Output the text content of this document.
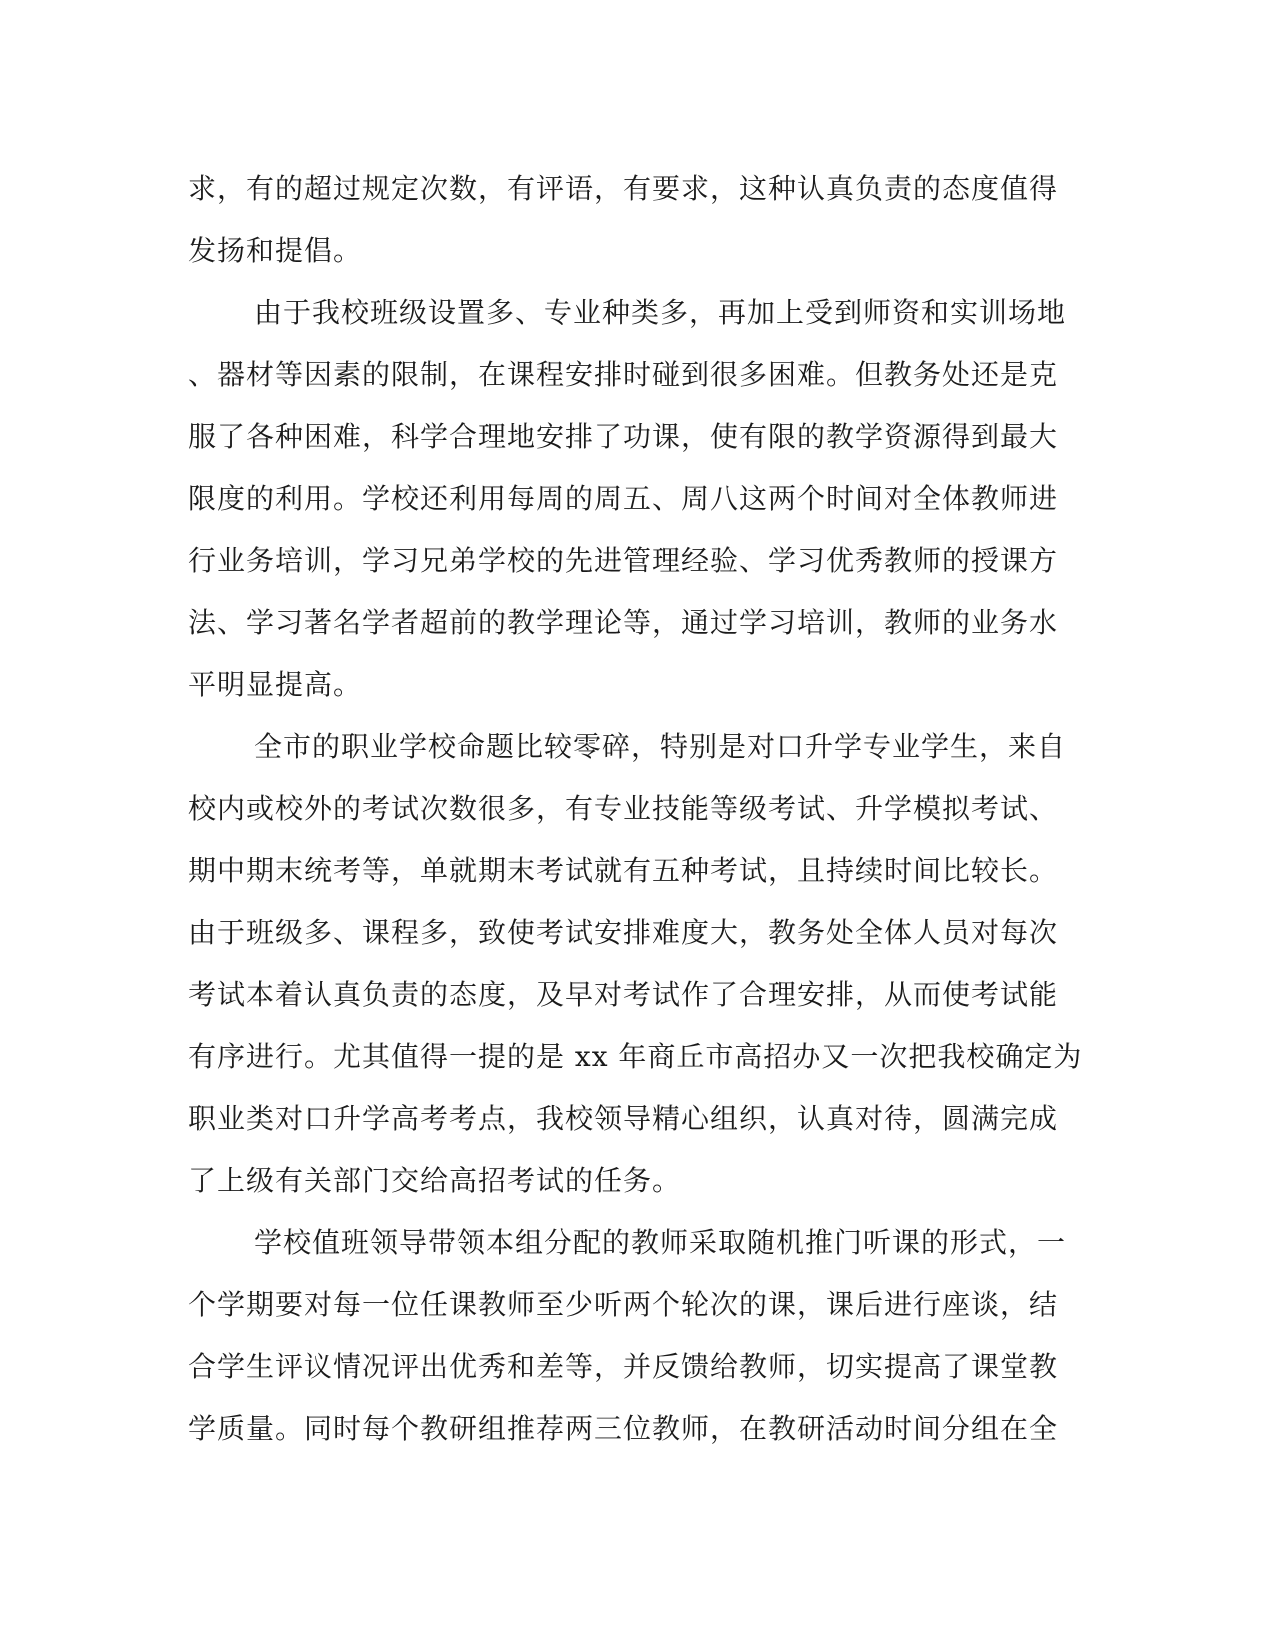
求，有的超过规定次数，有评语，有要求，这种认真负责的态度值得
发扬和提倡。
由于我校班级设置多、专业种类多，再加上受到师资和实训场地
、器材等因素的限制，在课程安排时碰到很多困难。但教务处还是克
服了各种困难，科学合理地安排了功课，使有限的教学资源得到最大
限度的利用。学校还利用每周的周五、周八这两个时间对全体教师进
行业务培训，学习兄弟学校的先进管理经验、学习优秀教师的授课方
法、学习著名学者超前的教学理论等，通过学习培训，教师的业务水
平明显提高。
全市的职业学校命题比较零碎，特别是对口升学专业学生，来自
校内或校外的考试次数很多，有专业技能等级考试、升学模拟考试、
期中期末统考等，单就期末考试就有五种考试，且持续时间比较长。
由于班级多、课程多，致使考试安排难度大，教务处全体人员对每次
考试本着认真负责的态度，及早对考试作了合理安排，从而使考试能
有序进行。尤其值得一提的是 xx 年商丘市高招办又一次把我校确定为
职业类对口升学高考考点，我校领导精心组织，认真对待，圆满完成
了上级有关部门交给高招考试的任务。
学校值班领导带领本组分配的教师采取随机推门听课的形式，一
个学期要对每一位任课教师至少听两个轮次的课，课后进行座谈，结
合学生评议情况评出优秀和差等，并反馈给教师，切实提高了课堂教
学质量。同时每个教研组推荐两三位教师，在教研活动时间分组在全
